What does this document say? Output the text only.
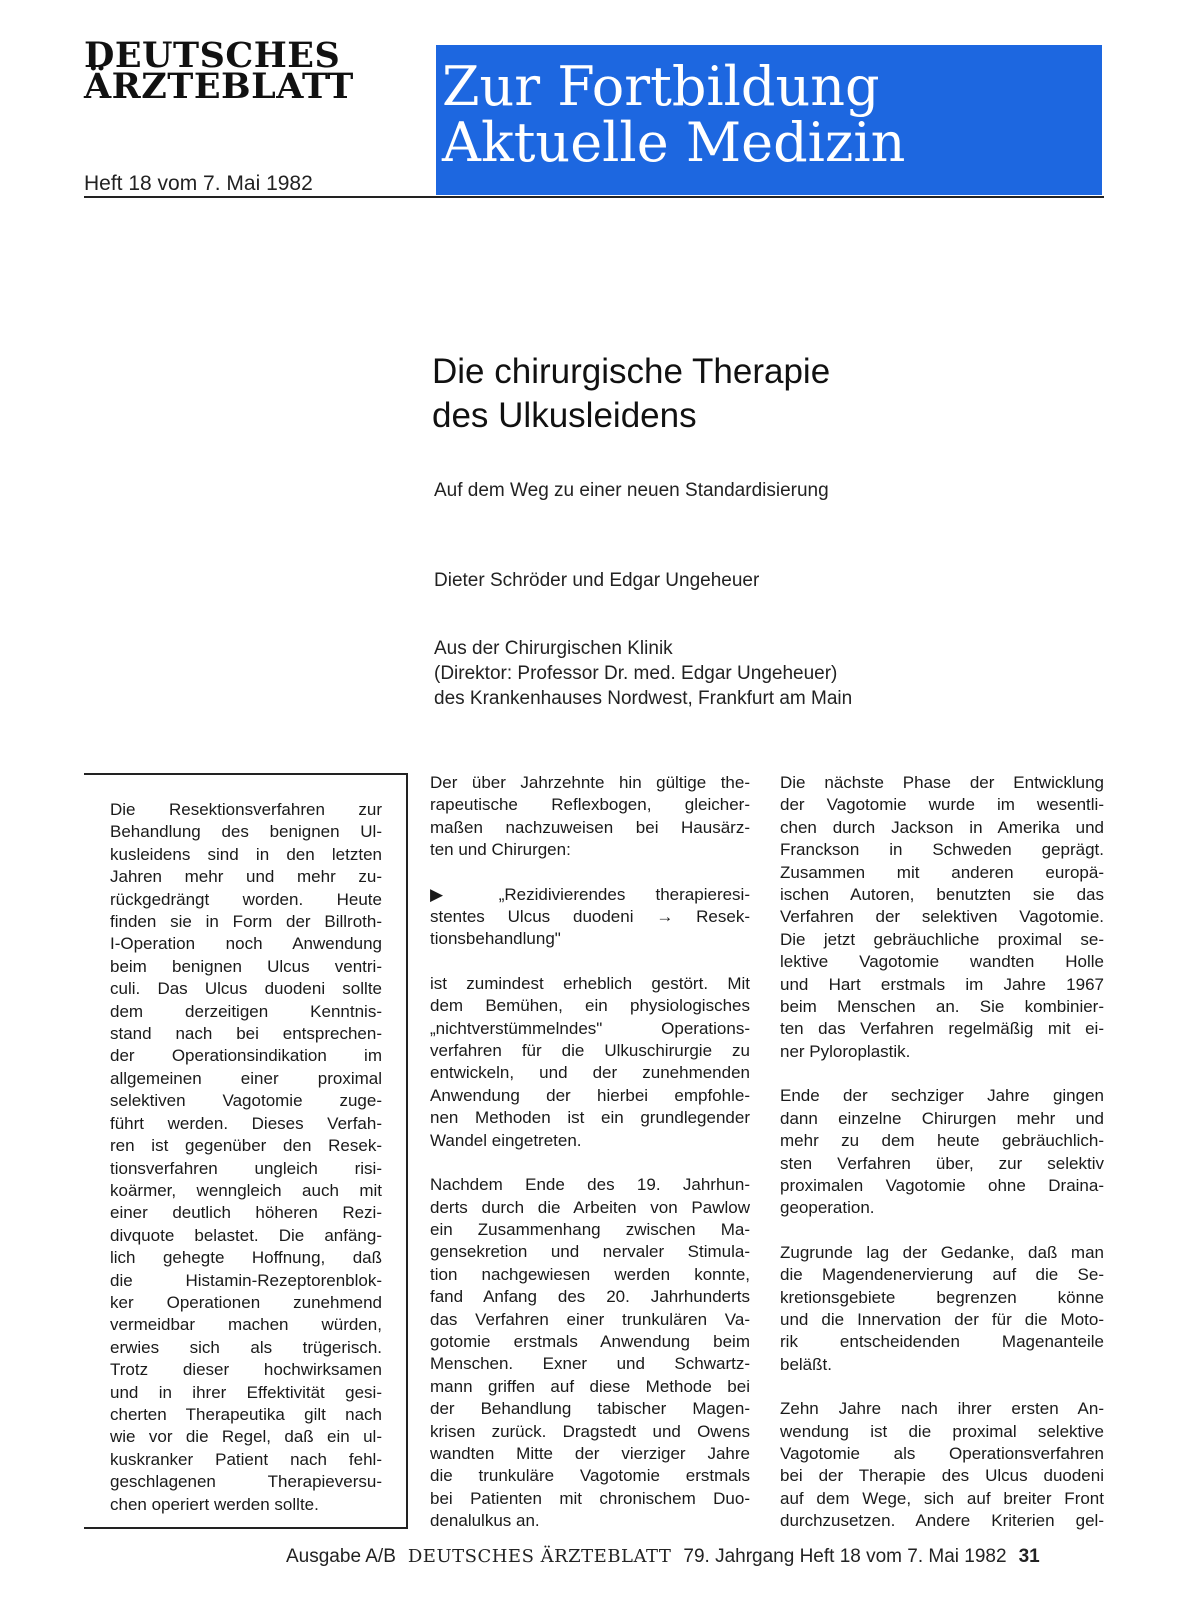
DEUTSCHES
ÄRZTEBLATT
Heft 18 vom 7. Mai 1982
Zur Fortbildung
Aktuelle Medizin
Die chirurgische Therapie
des Ulkusleidens
Auf dem Weg zu einer neuen Standardisierung
Dieter Schröder und Edgar Ungeheuer
Aus der Chirurgischen Klinik
(Direktor: Professor Dr. med. Edgar Ungeheuer)
des Krankenhauses Nordwest, Frankfurt am Main
Die Resektionsverfahren zur
Behandlung des benignen Ul-
kusleidens sind in den letzten
Jahren mehr und mehr zu-
rückgedrängt worden. Heute
finden sie in Form der Billroth-
I-Operation noch Anwendung
beim benignen Ulcus ventri-
culi. Das Ulcus duodeni sollte
dem derzeitigen Kenntnis-
stand nach bei entsprechen-
der Operationsindikation im
allgemeinen einer proximal
selektiven Vagotomie zuge-
führt werden. Dieses Verfah-
ren ist gegenüber den Resek-
tionsverfahren ungleich risi-
koärmer, wenngleich auch mit
einer deutlich höheren Rezi-
divquote belastet. Die anfäng-
lich gehegte Hoffnung, daß
die Histamin-Rezeptorenblok-
ker Operationen zunehmend
vermeidbar machen würden,
erwies sich als trügerisch.
Trotz dieser hochwirksamen
und in ihrer Effektivität gesi-
cherten Therapeutika gilt nach
wie vor die Regel, daß ein ul-
kuskranker Patient nach fehl-
geschlagenen Therapieversu-
chen operiert werden sollte.
Der über Jahrzehnte hin gültige the-
rapeutische Reflexbogen, gleicher-
maßen nachzuweisen bei Hausärz-
ten und Chirurgen:
▶ „Rezidivierendes therapieresi-
stentes Ulcus duodeni → Resek-
tionsbehandlung"
ist zumindest erheblich gestört. Mit
dem Bemühen, ein physiologisches
„nichtverstümmelndes" Operations-
verfahren für die Ulkuschirurgie zu
entwickeln, und der zunehmenden
Anwendung der hierbei empfohle-
nen Methoden ist ein grundlegender
Wandel eingetreten.
Nachdem Ende des 19. Jahrhun-
derts durch die Arbeiten von Pawlow
ein Zusammenhang zwischen Ma-
gensekretion und nervaler Stimula-
tion nachgewiesen werden konnte,
fand Anfang des 20. Jahrhunderts
das Verfahren einer trunkulären Va-
gotomie erstmals Anwendung beim
Menschen. Exner und Schwartz-
mann griffen auf diese Methode bei
der Behandlung tabischer Magen-
krisen zurück. Dragstedt und Owens
wandten Mitte der vierziger Jahre
die trunkuläre Vagotomie erstmals
bei Patienten mit chronischem Duo-
denalulkus an.
Die nächste Phase der Entwicklung
der Vagotomie wurde im wesentli-
chen durch Jackson in Amerika und
Franckson in Schweden geprägt.
Zusammen mit anderen europä-
ischen Autoren, benutzten sie das
Verfahren der selektiven Vagotomie.
Die jetzt gebräuchliche proximal se-
lektive Vagotomie wandten Holle
und Hart erstmals im Jahre 1967
beim Menschen an. Sie kombinier-
ten das Verfahren regelmäßig mit ei-
ner Pyloroplastik.
Ende der sechziger Jahre gingen
dann einzelne Chirurgen mehr und
mehr zu dem heute gebräuchlich-
sten Verfahren über, zur selektiv
proximalen Vagotomie ohne Draina-
geoperation.
Zugrunde lag der Gedanke, daß man
die Magendenervierung auf die Se-
kretionsgebiete begrenzen könne
und die Innervation der für die Moto-
rik entscheidenden Magenanteile
beläßt.
Zehn Jahre nach ihrer ersten An-
wendung ist die proximal selektive
Vagotomie als Operationsverfahren
bei der Therapie des Ulcus duodeni
auf dem Wege, sich auf breiter Front
durchzusetzen. Andere Kriterien gel-
Ausgabe A/B DEUTSCHES ÄRZTEBLATT 79. Jahrgang Heft 18 vom 7. Mai 1982 31
